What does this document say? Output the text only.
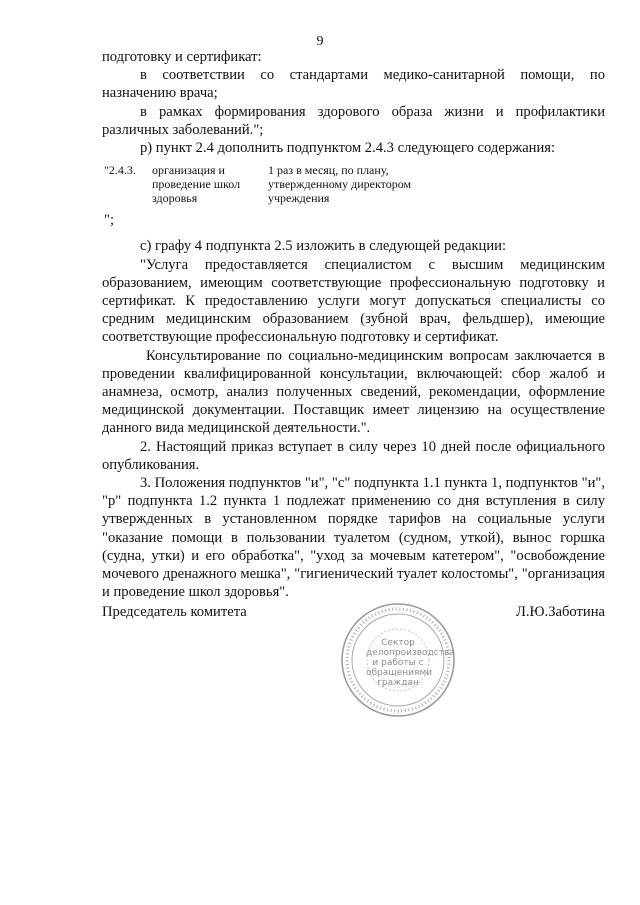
9

подготовку и сертификат:

в соответствии со стандартами медико-санитарной помощи, по назначению врача;

в рамках формирования здорового образа жизни и профилактики различных заболеваний.";

р) пункт 2.4 дополнить подпунктом 2.4.3 следующего содержания:

"2.4.3.	организация и проведение школ здоровья
1 раз в месяц, по плану, утвержденному директором учреждения
";

с) графу 4 подпункта 2.5 изложить в следующей редакции:

"Услуга предоставляется специалистом с высшим медицинским образованием, имеющим соответствующие профессиональную подготовку и сертификат. К предоставлению услуги могут допускаться специалисты со средним медицинским образованием (зубной врач, фельдшер), имеющие соответствующие профессиональную подготовку и сертификат.

Консультирование по социально-медицинским вопросам заключается в проведении квалифицированной консультации, включающей: сбор жалоб и анамнеза, осмотр, анализ полученных сведений, рекомендации, оформление медицинской документации. Поставщик имеет лицензию на осуществление данного вида медицинской деятельности.".

2. Настоящий приказ вступает в силу через 10 дней после официального опубликования.

3. Положения подпунктов "и", "с" подпункта 1.1 пункта 1, подпунктов "и", "р" подпункта 1.2 пункта 1 подлежат применению со дня вступления в силу утвержденных в установленном порядке тарифов на социальные услуги "оказание помощи в пользовании туалетом (судном, уткой), вынос горшка (судна, утки) и его обработка", "уход за мочевым катетером", "освобождение мочевого дренажного мешка", "гигиенический туалет колостомы", "организация и проведение школ здоровья".

Председатель комитета	Л.Ю.Заботина
Сектор делопроизводства и работы с обращениями граждан
